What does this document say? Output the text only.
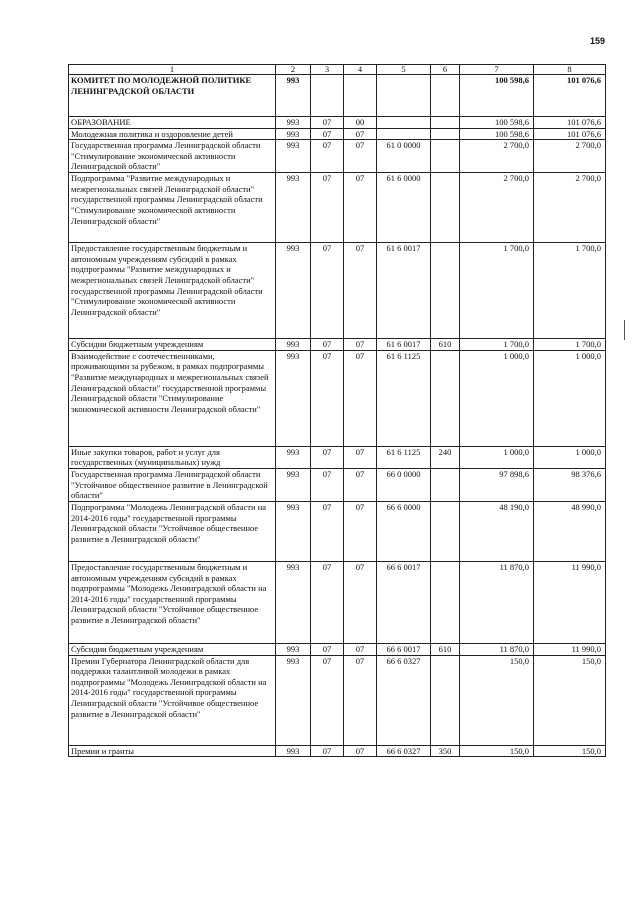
159
1	2	3	4	5	6	7	8
КОМИТЕТ ПО МОЛОДЕЖНОЙ ПОЛИТИКЕ ЛЕНИНГРАДСКОЙ ОБЛАСТИ	993					100 598,6	101 076,6
ОБРАЗОВАНИЕ	993	07	00			100 598,6	101 076,6
Молодежная политика и оздоровление детей	993	07	07			100 598,6	101 076,6
Государственная программа Ленинградской области "Стимулирование экономической активности Ленинградской области"	993	07	07	61 0 0000		2 700,0	2 700,0
Подпрограмма "Развитие международных и межрегиональных связей Ленинградской области" государственной программы Ленинградской области "Стимулирование экономической активности Ленинградской области"	993	07	07	61 6 0000		2 700,0	2 700,0
Предоставление государственным бюджетным и автономным учреждениям субсидий в рамках подпрограммы "Развитие международных и межрегиональных связей Ленинградской области" государственной программы Ленинградской области "Стимулирование экономической активности Ленинградской области"	993	07	07	61 6 0017		1 700,0	1 700,0
Субсидии бюджетным учреждениям	993	07	07	61 6 0017	610	1 700,0	1 700,0
Взаимодействие с соотечественниками, проживающими за рубежом, в рамках подпрограммы "Развитие международных и межрегиональных связей Ленинградской области" государственной программы Ленинградской области "Стимулирование экономической активности Ленинградской области"	993	07	07	61 6 1125		1 000,0	1 000,0
Иные закупки товаров, работ и услуг для государственных (муниципальных) нужд	993	07	07	61 6 1125	240	1 000,0	1 000,0
Государственная программа Ленинградской области "Устойчивое общественное развитие в Ленинградской области"	993	07	07	66 0 0000		97 898,6	98 376,6
Подпрограмма "Молодежь Ленинградской области на 2014-2016 годы" государственной программы Ленинградской области "Устойчивое общественное развитие в Ленинградской области"	993	07	07	66 6 0000		48 190,0	48 990,0
Предоставление государственным бюджетным и автономным учреждениям субсидий в рамках подпрограммы "Молодежь Ленинградской области на 2014-2016 годы" государственной программы Ленинградской области "Устойчивое общественное развитие в Ленинградской области"	993	07	07	66 6 0017		11 870,0	11 990,0
Субсидии бюджетным учреждениям	993	07	07	66 6 0017	610	11 870,0	11 990,0
Премии Губернатора Ленинградской области для поддержки талантливой молодежи в рамках подпрограммы "Молодежь Ленинградской области на 2014-2016 годы" государственной программы Ленинградской области "Устойчивое общественное развитие в Ленинградской области"	993	07	07	66 6 0327		150,0	150,0
Премии и гранты	993	07	07	66 6 0327	350	150,0	150,0
